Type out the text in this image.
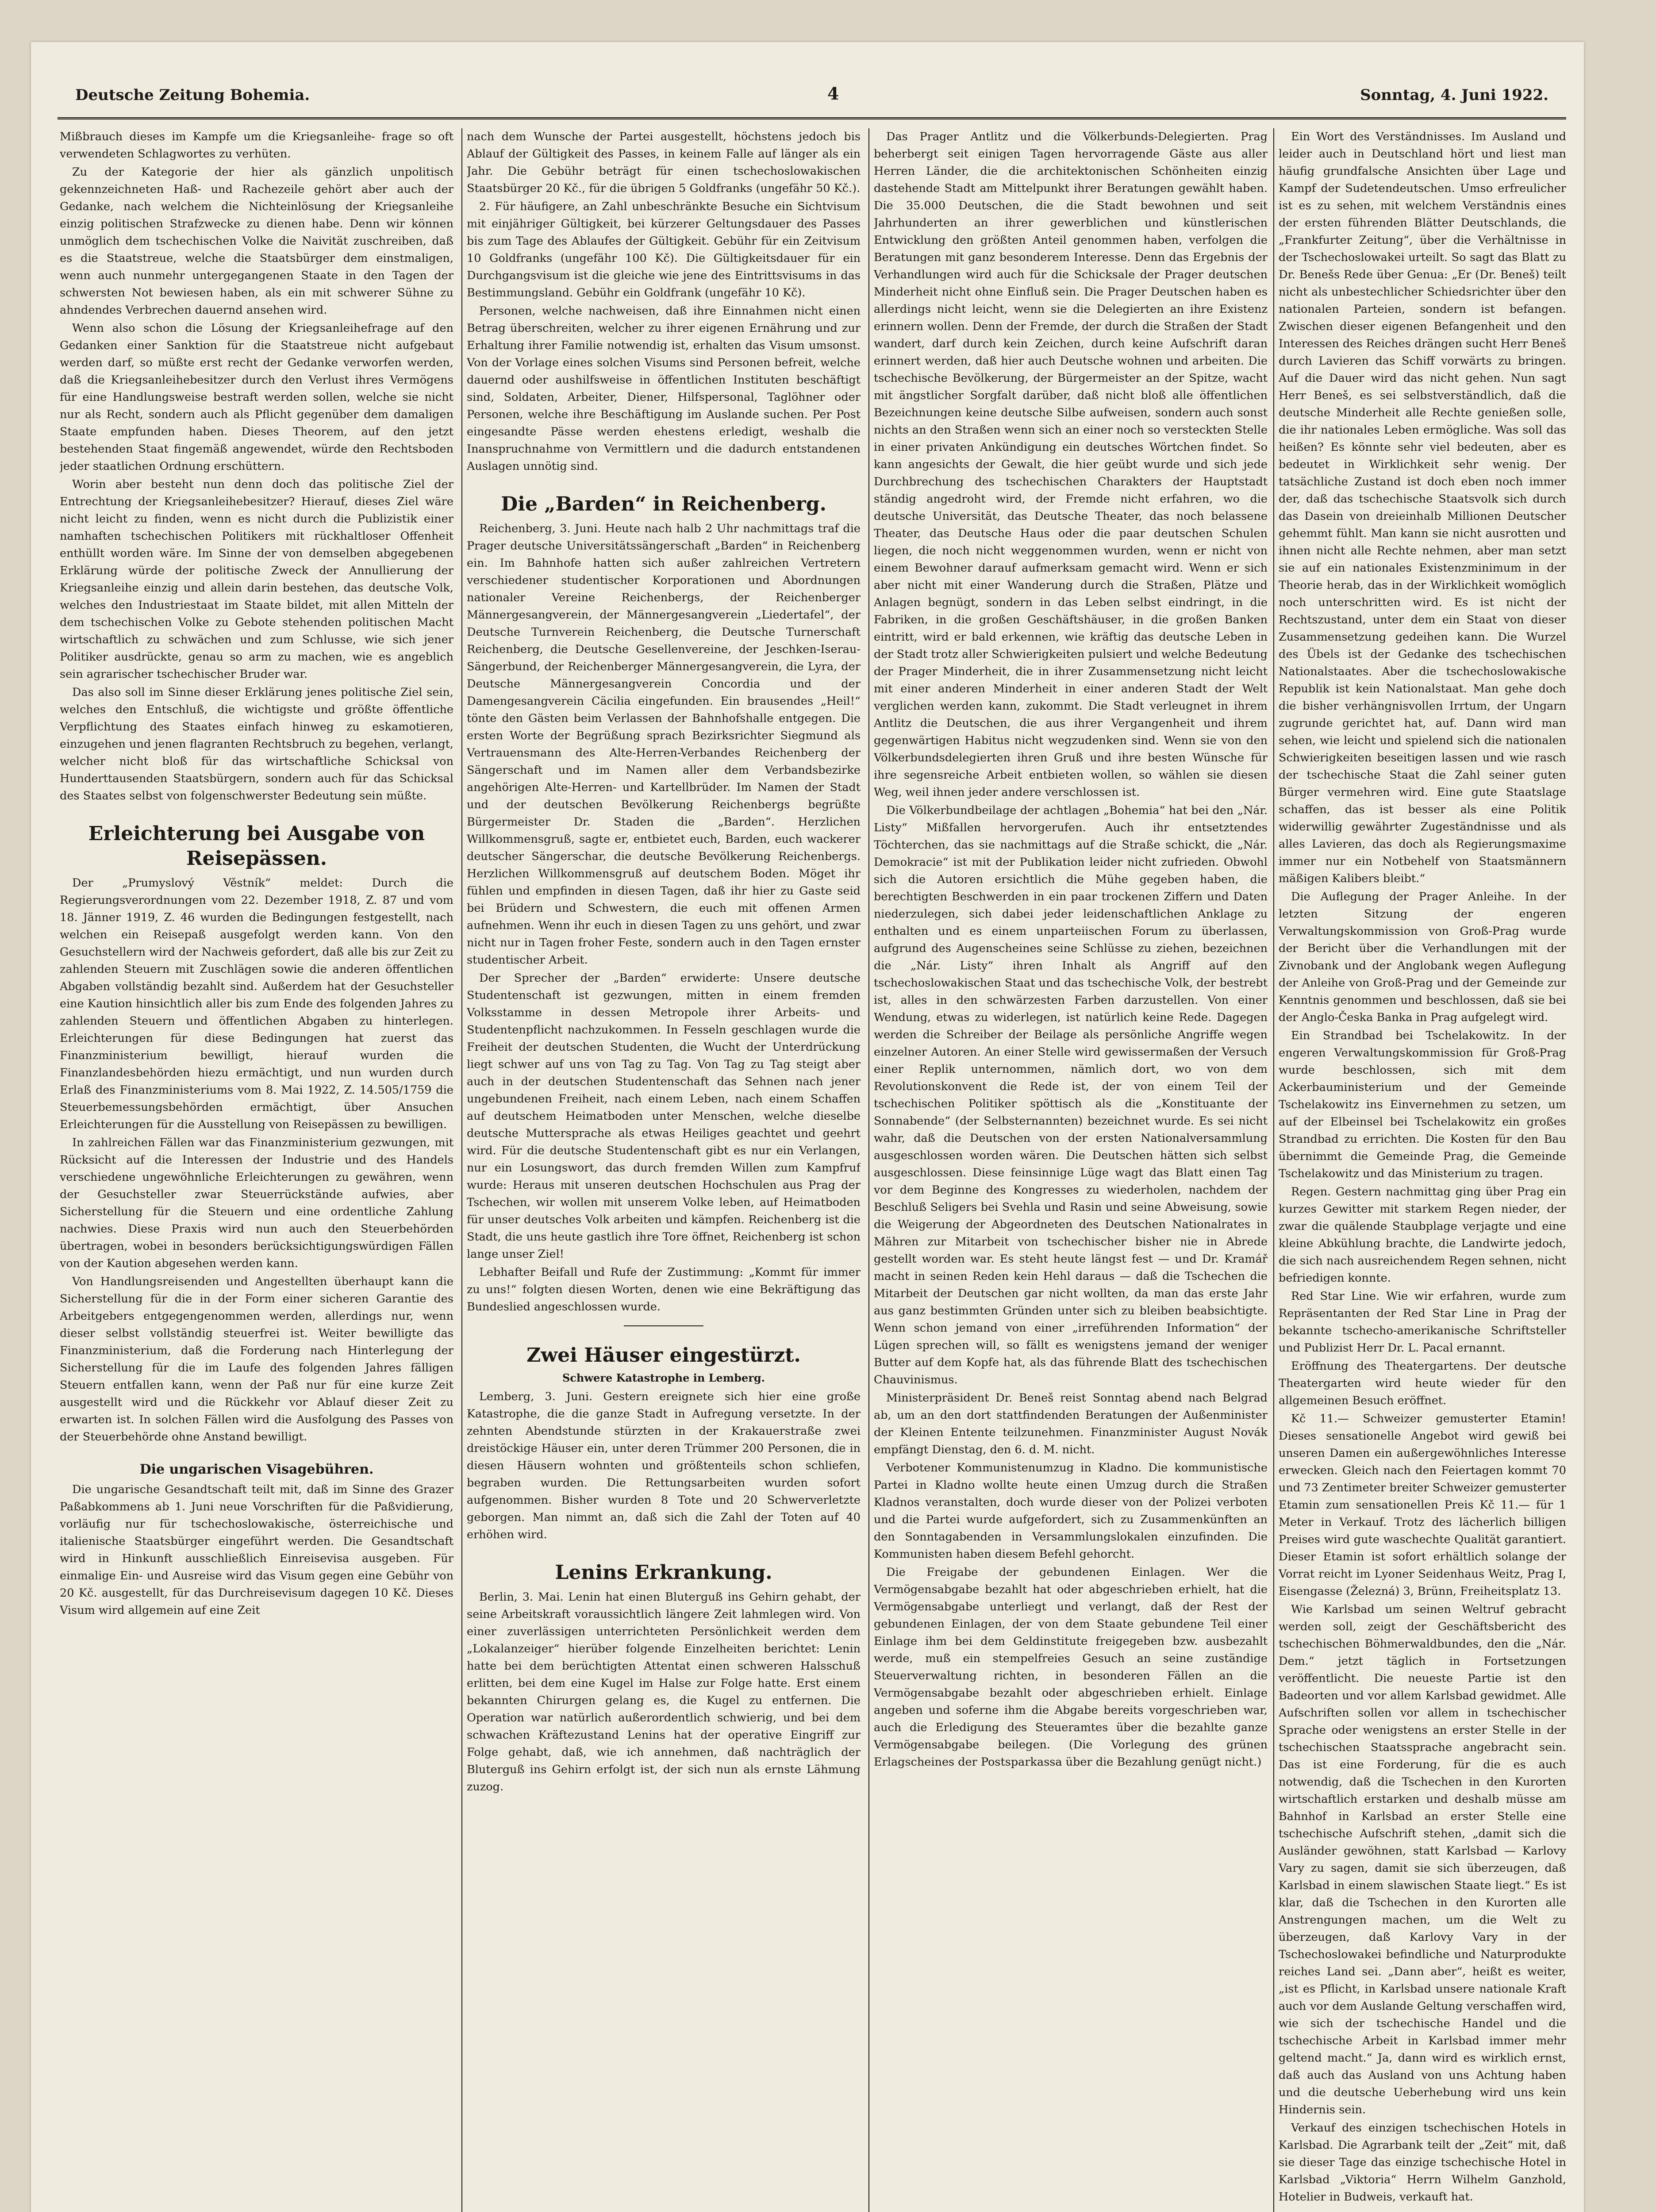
Deutsche Zeitung Bohemia.	4	Sonntag, 4. Juni 1922.

Mißbrauch dieses im Kampfe um die Kriegsanleihe- frage so oft verwendeten Schlagwortes zu verhüten.

Zu der Kategorie der hier als gänzlich unpolitisch gekennzeichneten Haß- und Rachezeile gehört aber auch der Gedanke, nach welchem die Nichteinlösung der Kriegsanleihe einzig politischen Strafzwecke zu dienen habe. Denn wir können unmöglich dem tschechischen Volke die Naivität zuschreiben, daß es die Staatstreue, welche die Staatsbürger dem einstmaligen, wenn auch nunmehr untergegangenen Staate in den Tagen der schwersten Not bewiesen haben, als ein mit schwerer Sühne zu ahndendes Verbrechen dauernd ansehen wird.

Wenn also schon die Lösung der Kriegsanleihefrage auf den Gedanken einer Sanktion für die Staatstreue nicht aufgebaut werden darf, so müßte erst recht der Gedanke verworfen werden, daß die Kriegsanleihebesitzer durch den Verlust ihres Vermögens für eine Handlungsweise bestraft werden sollen, welche sie nicht nur als Recht, sondern auch als Pflicht gegenüber dem damaligen Staate empfunden haben. Dieses Theorem, auf den jetzt bestehenden Staat fingemäß angewendet, würde den Rechtsboden jeder staatlichen Ordnung erschüttern.

Worin aber besteht nun denn doch das politische Ziel der Entrechtung der Kriegsanleihebesitzer? Hierauf, dieses Ziel wäre nicht leicht zu finden, wenn es nicht durch die Publizistik einer namhaften tschechischen Politikers mit rückhaltloser Offenheit enthüllt worden wäre. Im Sinne der von demselben abgegebenen Erklärung würde der politische Zweck der Annullierung der Kriegsanleihe einzig und allein darin bestehen, das deutsche Volk, welches den Industriestaat im Staate bildet, mit allen Mitteln der dem tschechischen Volke zu Gebote stehenden politischen Macht wirtschaftlich zu schwächen und zum Schlusse, wie sich jener Politiker ausdrückte, genau so arm zu machen, wie es angeblich sein agrarischer tschechischer Bruder war.

Das also soll im Sinne dieser Erklärung jenes politische Ziel sein, welches den Entschluß, die wichtigste und größte öffentliche Verpflichtung des Staates einfach hinweg zu eskamotieren, einzugehen und jenen flagranten Rechtsbruch zu begehen, verlangt, welcher nicht bloß für das wirtschaftliche Schicksal von Hunderttausenden Staatsbürgern, sondern auch für das Schicksal des Staates selbst von folgenschwerster Bedeutung sein müßte.

Erleichterung bei Ausgabe von Reisepässen.

Der „Prumyslový Věstník“ meldet: Durch die Regierungsverordnungen vom 22. Dezember 1918, Z. 87 und vom 18. Jänner 1919, Z. 46 wurden die Bedingungen festgestellt, nach welchen ein Reisepaß ausgefolgt werden kann. Von den Gesuchstellern wird der Nachweis gefordert, daß alle bis zur Zeit zu zahlenden Steuern mit Zuschlägen sowie die anderen öffentlichen Abgaben vollständig bezahlt sind. Außerdem hat der Gesuchsteller eine Kaution hinsichtlich aller bis zum Ende des folgenden Jahres zu zahlenden Steuern und öffentlichen Abgaben zu hinterlegen. Erleichterungen für diese Bedingungen hat zuerst das Finanzministerium bewilligt, hierauf wurden die Finanzlandesbehörden hiezu ermächtigt, und nun wurden durch Erlaß des Finanzministeriums vom 8. Mai 1922, Z. 14.505/1759 die Steuerbemessungsbehörden ermächtigt, über Ansuchen Erleichterungen für die Ausstellung von Reisepässen zu bewilligen.

In zahlreichen Fällen war das Finanzministerium gezwungen, mit Rücksicht auf die Interessen der Industrie und des Handels verschiedene ungewöhnliche Erleichterungen zu gewähren, wenn der Gesuchsteller zwar Steuerrückstände aufwies, aber Sicherstellung für die Steuern und eine ordentliche Zahlung nachwies. Diese Praxis wird nun auch den Steuerbehörden übertragen, wobei in besonders berücksichtigungswürdigen Fällen von der Kaution abgesehen werden kann.

Von Handlungsreisenden und Angestellten überhaupt kann die Sicherstellung für die in der Form einer sicheren Garantie des Arbeitgebers entgegengenommen werden, allerdings nur, wenn dieser selbst vollständig steuerfrei ist. Weiter bewilligte das Finanzministerium, daß die Forderung nach Hinterlegung der Sicherstellung für die im Laufe des folgenden Jahres fälligen Steuern entfallen kann, wenn der Paß nur für eine kurze Zeit ausgestellt wird und die Rückkehr vor Ablauf dieser Zeit zu erwarten ist. In solchen Fällen wird die Ausfolgung des Passes von der Steuerbehörde ohne Anstand bewilligt.

Die ungarischen Visagebühren.

Die ungarische Gesandtschaft teilt mit, daß im Sinne des Grazer Paßabkommens ab 1. Juni neue Vorschriften für die Paßvidierung, vorläufig nur für tschechoslowakische, österreichische und italienische Staatsbürger eingeführt werden. Die Gesandtschaft wird in Hinkunft ausschließlich Einreisevisa ausgeben. Für einmalige Ein- und Ausreise wird das Visum gegen eine Gebühr von 20 Kč. ausgestellt, für das Durchreisevisum dagegen 10 Kč. Dieses Visum wird allgemein auf eine Zeit

nach dem Wunsche der Partei ausgestellt, höchstens jedoch bis Ablauf der Gültigkeit des Passes, in keinem Falle auf länger als ein Jahr. Die Gebühr beträgt für einen tschechoslowakischen Staatsbürger 20 Kč., für die übrigen 5 Goldfranks (ungefähr 50 Kč.).

2. Für häufigere, an Zahl unbeschränkte Besuche ein Sichtvisum mit einjähriger Gültigkeit, bei kürzerer Geltungsdauer des Passes bis zum Tage des Ablaufes der Gültigkeit. Gebühr für ein Zeitvisum 10 Goldfranks (ungefähr 100 Kč). Die Gültigkeitsdauer für ein Durchgangsvisum ist die gleiche wie jene des Eintrittsvisums in das Bestimmungsland. Gebühr ein Goldfrank (ungefähr 10 Kč).

Personen, welche nachweisen, daß ihre Einnahmen nicht einen Betrag überschreiten, welcher zu ihrer eigenen Ernährung und zur Erhaltung ihrer Familie notwendig ist, erhalten das Visum umsonst. Von der Vorlage eines solchen Visums sind Personen befreit, welche dauernd oder aushilfsweise in öffentlichen Instituten beschäftigt sind, Soldaten, Arbeiter, Diener, Hilfspersonal, Taglöhner oder Personen, welche ihre Beschäftigung im Auslande suchen. Per Post eingesandte Pässe werden ehestens erledigt, weshalb die Inanspruchnahme von Vermittlern und die dadurch entstandenen Auslagen unnötig sind.

Die „Barden“ in Reichenberg.

Reichenberg, 3. Juni. Heute nach halb 2 Uhr nachmittags traf die Prager deutsche Universitätssängerschaft „Barden“ in Reichenberg ein. Im Bahnhofe hatten sich außer zahlreichen Vertretern verschiedener studentischer Korporationen und Abordnungen nationaler Vereine Reichenbergs, der Reichenberger Männergesangverein, der Männergesangverein „Liedertafel“, der Deutsche Turnverein Reichenberg, die Deutsche Turnerschaft Reichenberg, die Deutsche Gesellenvereine, der Jeschken-Iserau-Sängerbund, der Reichenberger Männergesangverein, die Lyra, der Deutsche Männergesangverein Concordia und der Damengesangverein Cäcilia eingefunden. Ein brausendes „Heil!“ tönte den Gästen beim Verlassen der Bahnhofshalle entgegen. Die ersten Worte der Begrüßung sprach Bezirksrichter Siegmund als Vertrauensmann des Alte-Herren-Verbandes Reichenberg der Sängerschaft und im Namen aller dem Verbandsbezirke angehörigen Alte-Herren- und Kartellbrüder. Im Namen der Stadt und der deutschen Bevölkerung Reichenbergs begrüßte Bürgermeister Dr. Staden die „Barden“. Herzlichen Willkommensgruß, sagte er, entbietet euch, Barden, euch wackerer deutscher Sängerschar, die deutsche Bevölkerung Reichenbergs. Herzlichen Willkommensgruß auf deutschem Boden. Möget ihr fühlen und empfinden in diesen Tagen, daß ihr hier zu Gaste seid bei Brüdern und Schwestern, die euch mit offenen Armen aufnehmen. Wenn ihr euch in diesen Tagen zu uns gehört, und zwar nicht nur in Tagen froher Feste, sondern auch in den Tagen ernster studentischer Arbeit.

Der Sprecher der „Barden“ erwiderte: Unsere deutsche Studentenschaft ist gezwungen, mitten in einem fremden Volksstamme in dessen Metropole ihrer Arbeits- und Studentenpflicht nachzukommen. In Fesseln geschlagen wurde die Freiheit der deutschen Studenten, die Wucht der Unterdrückung liegt schwer auf uns von Tag zu Tag. Von Tag zu Tag steigt aber auch in der deutschen Studentenschaft das Sehnen nach jener ungebundenen Freiheit, nach einem Leben, nach einem Schaffen auf deutschem Heimatboden unter Menschen, welche dieselbe deutsche Muttersprache als etwas Heiliges geachtet und geehrt wird. Für die deutsche Studentenschaft gibt es nur ein Verlangen, nur ein Losungswort, das durch fremden Willen zum Kampfruf wurde: Heraus mit unseren deutschen Hochschulen aus Prag der Tschechen, wir wollen mit unserem Volke leben, auf Heimatboden für unser deutsches Volk arbeiten und kämpfen. Reichenberg ist die Stadt, die uns heute gastlich ihre Tore öffnet, Reichenberg ist schon lange unser Ziel!

Lebhafter Beifall und Rufe der Zustimmung: „Kommt für immer zu uns!“ folgten diesen Worten, denen wie eine Bekräftigung das Bundeslied angeschlossen wurde.

Zwei Häuser eingestürzt.
Schwere Katastrophe in Lemberg.

Lemberg, 3. Juni. Gestern ereignete sich hier eine große Katastrophe, die die ganze Stadt in Aufregung versetzte. In der zehnten Abendstunde stürzten in der Krakauerstraße zwei dreistöckige Häuser ein, unter deren Trümmer 200 Personen, die in diesen Häusern wohnten und größtenteils schon schliefen, begraben wurden. Die Rettungsarbeiten wurden sofort aufgenommen. Bisher wurden 8 Tote und 20 Schwerverletzte geborgen. Man nimmt an, daß sich die Zahl der Toten auf 40 erhöhen wird.

Lenins Erkrankung.

Berlin, 3. Mai. Lenin hat einen Bluterguß ins Gehirn gehabt, der seine Arbeitskraft voraussichtlich längere Zeit lahmlegen wird. Von einer zuverlässigen unterrichteten Persönlichkeit werden dem „Lokalanzeiger“ hierüber folgende Einzelheiten berichtet: Lenin hatte bei dem berüchtigten Attentat einen schweren Halsschuß erlitten, bei dem eine Kugel im Halse zur Folge hatte. Erst einem bekannten Chirurgen gelang es, die Kugel zu entfernen. Die Operation war natürlich außerordentlich schwierig, und bei dem schwachen Kräftezustand Lenins hat der operative Eingriff zur Folge gehabt, daß, wie ich annehmen, daß nachträglich der Bluterguß ins Gehirn erfolgt ist, der sich nun als ernste Lähmung zuzog.

Das Prager Antlitz und die Völkerbunds-Delegierten. Prag beherbergt seit einigen Tagen hervorragende Gäste aus aller Herren Länder, die die architektonischen Schönheiten einzig dastehende Stadt am Mittelpunkt ihrer Beratungen gewählt haben. Die 35.000 Deutschen, die die Stadt bewohnen und seit Jahrhunderten an ihrer gewerblichen und künstlerischen Entwicklung den größten Anteil genommen haben, verfolgen die Beratungen mit ganz besonderem Interesse. Denn das Ergebnis der Verhandlungen wird auch für die Schicksale der Prager deutschen Minderheit nicht ohne Einfluß sein. Die Prager Deutschen haben es allerdings nicht leicht, wenn sie die Delegierten an ihre Existenz erinnern wollen. Denn der Fremde, der durch die Straßen der Stadt wandert, darf durch kein Zeichen, durch keine Aufschrift daran erinnert werden, daß hier auch Deutsche wohnen und arbeiten. Die tschechische Bevölkerung, der Bürgermeister an der Spitze, wacht mit ängstlicher Sorgfalt darüber, daß nicht bloß alle öffentlichen Bezeichnungen keine deutsche Silbe aufweisen, sondern auch sonst nichts an den Straßen wenn sich an einer noch so versteckten Stelle in einer privaten Ankündigung ein deutsches Wörtchen findet. So kann angesichts der Gewalt, die hier geübt wurde und sich jede Durchbrechung des tschechischen Charakters der Hauptstadt ständig angedroht wird, der Fremde nicht erfahren, wo die deutsche Universität, das Deutsche Theater, das noch belassene Theater, das Deutsche Haus oder die paar deutschen Schulen liegen, die noch nicht weggenommen wurden, wenn er nicht von einem Bewohner darauf aufmerksam gemacht wird. Wenn er sich aber nicht mit einer Wanderung durch die Straßen, Plätze und Anlagen begnügt, sondern in das Leben selbst eindringt, in die Fabriken, in die großen Geschäftshäuser, in die großen Banken eintritt, wird er bald erkennen, wie kräftig das deutsche Leben in der Stadt trotz aller Schwierigkeiten pulsiert und welche Bedeutung der Prager Minderheit, die in ihrer Zusammensetzung nicht leicht mit einer anderen Minderheit in einer anderen Stadt der Welt verglichen werden kann, zukommt. Die Stadt verleugnet in ihrem Antlitz die Deutschen, die aus ihrer Vergangenheit und ihrem gegenwärtigen Habitus nicht wegzudenken sind. Wenn sie von den Völkerbundsdelegierten ihren Gruß und ihre besten Wünsche für ihre segensreiche Arbeit entbieten wollen, so wählen sie diesen Weg, weil ihnen jeder andere verschlossen ist.

Die Völkerbundbeilage der achtlagen „Bohemia“ hat bei den „Nár. Listy“ Mißfallen hervorgerufen. Auch ihr entsetztendes Töchterchen, das sie nachmittags auf die Straße schickt, die „Nár. Demokracie“ ist mit der Publikation leider nicht zufrieden. Obwohl sich die Autoren ersichtlich die Mühe gegeben haben, die berechtigten Beschwerden in ein paar trockenen Ziffern und Daten niederzulegen, sich dabei jeder leidenschaftlichen Anklage zu enthalten und es einem unparteiischen Forum zu überlassen, aufgrund des Augenscheines seine Schlüsse zu ziehen, bezeichnen die „Nár. Listy“ ihren Inhalt als Angriff auf den tschechoslowakischen Staat und das tschechische Volk, der bestrebt ist, alles in den schwärzesten Farben darzustellen. Von einer Wendung, etwas zu widerlegen, ist natürlich keine Rede. Dagegen werden die Schreiber der Beilage als persönliche Angriffe wegen einzelner Autoren. An einer Stelle wird gewissermaßen der Versuch einer Replik unternommen, nämlich dort, wo von dem Revolutionskonvent die Rede ist, der von einem Teil der tschechischen Politiker spöttisch als die „Konstituante der Sonnabende“ (der Selbsternannten) bezeichnet wurde. Es sei nicht wahr, daß die Deutschen von der ersten Nationalversammlung ausgeschlossen worden wären. Die Deutschen hätten sich selbst ausgeschlossen. Diese feinsinnige Lüge wagt das Blatt einen Tag vor dem Beginne des Kongresses zu wiederholen, nachdem der Beschluß Seligers bei Svehla und Rasin und seine Abweisung, sowie die Weigerung der Abgeordneten des Deutschen Nationalrates in Mähren zur Mitarbeit von tschechischer bisher nie in Abrede gestellt worden war. Es steht heute längst fest — und Dr. Kramář macht in seinen Reden kein Hehl daraus — daß die Tschechen die Mitarbeit der Deutschen gar nicht wollten, da man das erste Jahr aus ganz bestimmten Gründen unter sich zu bleiben beabsichtigte. Wenn schon jemand von einer „irreführenden Information“ der Lügen sprechen will, so fällt es wenigstens jemand der weniger Butter auf dem Kopfe hat, als das führende Blatt des tschechischen Chauvinismus.

Ministerpräsident Dr. Beneš reist Sonntag abend nach Belgrad ab, um an den dort stattfindenden Beratungen der Außenminister der Kleinen Entente teilzunehmen. Finanzminister August Novák empfängt Dienstag, den 6. d. M. nicht.

Verbotener Kommunistenumzug in Kladno. Die kommunistische Partei in Kladno wollte heute einen Umzug durch die Straßen Kladnos veranstalten, doch wurde dieser von der Polizei verboten und die Partei wurde aufgefordert, sich zu Zusammenkünften an den Sonntagabenden in Versammlungslokalen einzufinden. Die Kommunisten haben diesem Befehl gehorcht.

Die Freigabe der gebundenen Einlagen. Wer die Vermögensabgabe bezahlt hat oder abgeschrieben erhielt, hat die Vermögensabgabe unterliegt und verlangt, daß der Rest der gebundenen Einlagen, der von dem Staate gebundene Teil einer Einlage ihm bei dem Geldinstitute freigegeben bzw. ausbezahlt werde, muß ein stempelfreies Gesuch an seine zuständige Steuerverwaltung richten, in besonderen Fällen an die Vermögensabgabe bezahlt oder abgeschrieben erhielt. Einlage angeben und soferne ihm die Abgabe bereits vorgeschrieben war, auch die Erledigung des Steueramtes über die bezahlte ganze Vermögensabgabe beilegen. (Die Vorlegung des grünen Erlagscheines der Postsparkassa über die Bezahlung genügt nicht.)

Ein Wort des Verständnisses. Im Ausland und leider auch in Deutschland hört und liest man häufig grundfalsche Ansichten über Lage und Kampf der Sudetendeutschen. Umso erfreulicher ist es zu sehen, mit welchem Verständnis eines der ersten führenden Blätter Deutschlands, die „Frankfurter Zeitung“, über die Verhältnisse in der Tschechoslowakei urteilt. So sagt das Blatt zu Dr. Benešs Rede über Genua: „Er (Dr. Beneš) teilt nicht als unbestechlicher Schiedsrichter über den nationalen Parteien, sondern ist befangen. Zwischen dieser eigenen Befangenheit und den Interessen des Reiches drängen sucht Herr Beneš durch Lavieren das Schiff vorwärts zu bringen. Auf die Dauer wird das nicht gehen. Nun sagt Herr Beneš, es sei selbstverständlich, daß die deutsche Minderheit alle Rechte genießen solle, die ihr nationales Leben ermögliche. Was soll das heißen? Es könnte sehr viel bedeuten, aber es bedeutet in Wirklichkeit sehr wenig. Der tatsächliche Zustand ist doch eben noch immer der, daß das tschechische Staatsvolk sich durch das Dasein von dreieinhalb Millionen Deutscher gehemmt fühlt. Man kann sie nicht ausrotten und ihnen nicht alle Rechte nehmen, aber man setzt sie auf ein nationales Existenzminimum in der Theorie herab, das in der Wirklichkeit womöglich noch unterschritten wird. Es ist nicht der Rechtszustand, unter dem ein Staat von dieser Zusammensetzung gedeihen kann. Die Wurzel des Übels ist der Gedanke des tschechischen Nationalstaates. Aber die tschechoslowakische Republik ist kein Nationalstaat. Man gehe doch die bisher verhängnisvollen Irrtum, der Ungarn zugrunde gerichtet hat, auf. Dann wird man sehen, wie leicht und spielend sich die nationalen Schwierigkeiten beseitigen lassen und wie rasch der tschechische Staat die Zahl seiner guten Bürger vermehren wird. Eine gute Staatslage schaffen, das ist besser als eine Politik widerwillig gewährter Zugeständnisse und als alles Lavieren, das doch als Regierungsmaxime immer nur ein Notbehelf von Staatsmännern mäßigen Kalibers bleibt.“

Die Auflegung der Prager Anleihe. In der letzten Sitzung der engeren Verwaltungskommission von Groß-Prag wurde der Bericht über die Verhandlungen mit der Zivnobank und der Anglobank wegen Auflegung der Anleihe von Groß-Prag und der Gemeinde zur Kenntnis genommen und beschlossen, daß sie bei der Anglo-Česka Banka in Prag aufgelegt wird.

Ein Strandbad bei Tschelakowitz. In der engeren Verwaltungskommission für Groß-Prag wurde beschlossen, sich mit dem Ackerbauministerium und der Gemeinde Tschelakowitz ins Einvernehmen zu setzen, um auf der Elbeinsel bei Tschelakowitz ein großes Strandbad zu errichten. Die Kosten für den Bau übernimmt die Gemeinde Prag, die Gemeinde Tschelakowitz und das Ministerium zu tragen.

Regen. Gestern nachmittag ging über Prag ein kurzes Gewitter mit starkem Regen nieder, der zwar die quälende Staubplage verjagte und eine kleine Abkühlung brachte, die Landwirte jedoch, die sich nach ausreichendem Regen sehnen, nicht befriedigen konnte.

Red Star Line. Wie wir erfahren, wurde zum Repräsentanten der Red Star Line in Prag der bekannte tschecho-amerikanische Schriftsteller und Publizist Herr Dr. L. Pacal ernannt.

Eröffnung des Theatergartens. Der deutsche Theatergarten wird heute wieder für den allgemeinen Besuch eröffnet.

Kč 11.— Schweizer gemusterter Etamin! Dieses sensationelle Angebot wird gewiß bei unseren Damen ein außergewöhnliches Interesse erwecken. Gleich nach den Feiertagen kommt 70 und 73 Zentimeter breiter Schweizer gemusterter Etamin zum sensationellen Preis Kč 11.— für 1 Meter in Verkauf. Trotz des lächerlich billigen Preises wird gute waschechte Qualität garantiert. Dieser Etamin ist sofort erhältlich solange der Vorrat reicht im Lyoner Seidenhaus Weitz, Prag I, Eisengasse (Železná) 3, Brünn, Freiheitsplatz 13.

Wie Karlsbad um seinen Weltruf gebracht werden soll, zeigt der Geschäftsbericht des tschechischen Böhmerwaldbundes, den die „Nár. Dem.“ jetzt täglich in Fortsetzungen veröffentlicht. Die neueste Partie ist den Badeorten und vor allem Karlsbad gewidmet. Alle Aufschriften sollen vor allem in tschechischer Sprache oder wenigstens an erster Stelle in der tschechischen Staatssprache angebracht sein. Das ist eine Forderung, für die es auch notwendig, daß die Tschechen in den Kurorten wirtschaftlich erstarken und deshalb müsse am Bahnhof in Karlsbad an erster Stelle eine tschechische Aufschrift stehen, „damit sich die Ausländer gewöhnen, statt Karlsbad — Karlovy Vary zu sagen, damit sie sich überzeugen, daß Karlsbad in einem slawischen Staate liegt.“ Es ist klar, daß die Tschechen in den Kurorten alle Anstrengungen machen, um die Welt zu überzeugen, daß Karlovy Vary in der Tschechoslowakei befindliche und Naturprodukte reiches Land sei. „Dann aber“, heißt es weiter, „ist es Pflicht, in Karlsbad unsere nationale Kraft auch vor dem Auslande Geltung verschaffen wird, wie sich der tschechische Handel und die tschechische Arbeit in Karlsbad immer mehr geltend macht.“ Ja, dann wird es wirklich ernst, daß auch das Ausland von uns Achtung haben und die deutsche Ueberhebung wird uns kein Hindernis sein.

Verkauf des einzigen tschechischen Hotels in Karlsbad. Die Agrarbank teilt der „Zeit“ mit, daß sie dieser Tage das einzige tschechische Hotel in Karlsbad „Viktoria“ Herrn Wilhelm Ganzhold, Hotelier in Budweis, verkauft hat.
